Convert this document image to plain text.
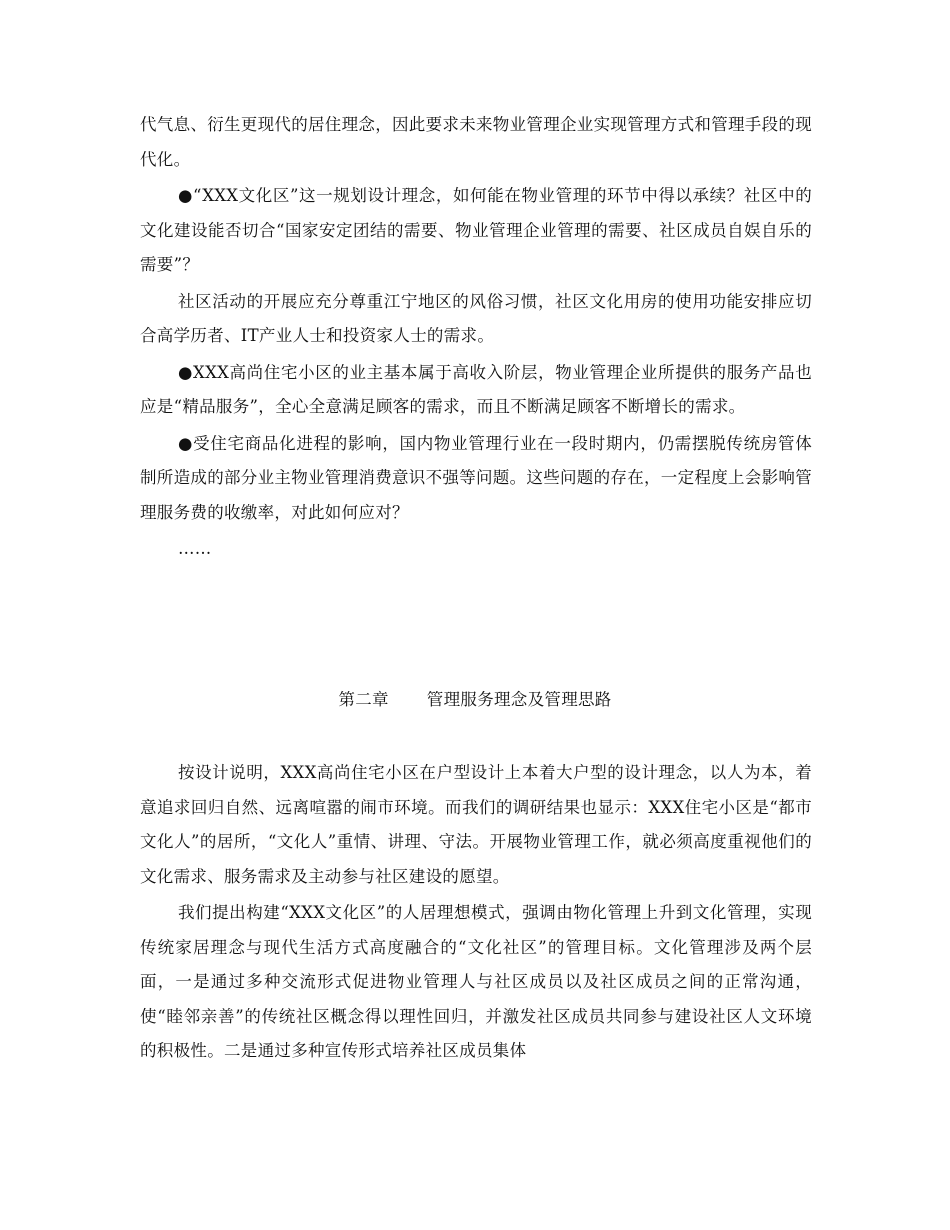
代气息、衍生更现代的居住理念，因此要求未来物业管理企业实现管理方式和管理手段的现代化。

●“XXX文化区”这一规划设计理念，如何能在物业管理的环节中得以承续？社区中的文化建设能否切合“国家安定团结的需要、物业管理企业管理的需要、社区成员自娱自乐的需要”？

社区活动的开展应充分尊重江宁地区的风俗习惯，社区文化用房的使用功能安排应切合高学历者、IT产业人士和投资家人士的需求。

●XXX高尚住宅小区的业主基本属于高收入阶层，物业管理企业所提供的服务产品也应是“精品服务”，全心全意满足顾客的需求，而且不断满足顾客不断增长的需求。

●受住宅商品化进程的影响，国内物业管理行业在一段时期内，仍需摆脱传统房管体制所造成的部分业主物业管理消费意识不强等问题。这些问题的存在，一定程度上会影响管理服务费的收缴率，对此如何应对？

……

第二章 管理服务理念及管理思路

按设计说明，XXX高尚住宅小区在户型设计上本着大户型的设计理念，以人为本，着意追求回归自然、远离喧嚣的闹市环境。而我们的调研结果也显示：XXX住宅小区是“都市文化人”的居所，“文化人”重情、讲理、守法。开展物业管理工作，就必须高度重视他们的文化需求、服务需求及主动参与社区建设的愿望。

我们提出构建“XXX文化区”的人居理想模式，强调由物化管理上升到文化管理，实现传统家居理念与现代生活方式高度融合的“文化社区”的管理目标。文化管理涉及两个层面，一是通过多种交流形式促进物业管理人与社区成员以及社区成员之间的正常沟通，使“睦邻亲善”的传统社区概念得以理性回归，并激发社区成员共同参与建设社区人文环境的积极性。二是通过多种宣传形式培养社区成员集体
